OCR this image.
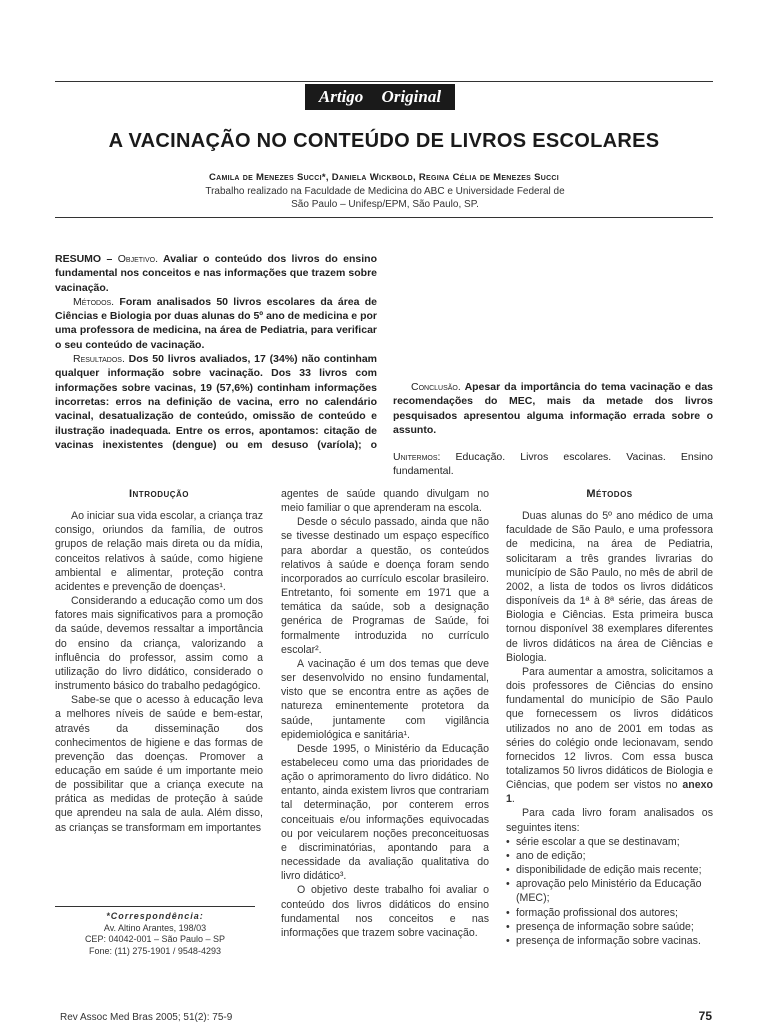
Artigo Original
A VACINAÇÃO NO CONTEÚDO DE LIVROS ESCOLARES
Camila de Menezes Succi*, Daniela Wickbold, Regina Célia de Menezes Succi
Trabalho realizado na Faculdade de Medicina do ABC e Universidade Federal de São Paulo – Unifesp/EPM, São Paulo, SP.

RESUMO – Objetivo. Avaliar o conteúdo dos livros do ensino fundamental nos conceitos e nas informações que trazem sobre vacinação.

Métodos. Foram analisados 50 livros escolares da área de Ciências e Biologia por duas alunas do 5º ano de medicina e por uma professora de medicina, na área de Pediatria, para verificar o seu conteúdo de vacinação.

Resultados. Dos 50 livros avaliados, 17 (34%) não continham qualquer informação sobre vacinação. Dos 33 livros com informações sobre vacinas, 19 (57,6%) continham informações incorretas: erros na definição de vacina, erro no calendário vacinal, desatualização de conteúdo, omissão de conteúdo e ilustração inadequada. Entre os erros, apontamos: citação de vacinas inexistentes (dengue) ou em desuso (varíola); o

Conclusão. Apesar da importância do tema vacinação e das recomendações do MEC, mais da metade dos livros pesquisados apresentou alguma informação errada sobre o assunto.

Unitermos: Educação. Livros escolares. Vacinas. Ensino fundamental.

Introdução

Ao iniciar sua vida escolar, a criança traz consigo, oriundos da família, de outros grupos de relação mais direta ou da mídia, conceitos relativos à saúde, como higiene ambiental e alimentar, proteção contra acidentes e prevenção de doenças¹.

Considerando a educação como um dos fatores mais significativos para a promoção da saúde, devemos ressaltar a importância do ensino da criança, valorizando a influência do professor, assim como a utilização do livro didático, considerado o instrumento básico do trabalho pedagógico.

Sabe-se que o acesso à educação leva a melhores níveis de saúde e bem-estar, através da disseminação dos conhecimentos de higiene e das formas de prevenção das doenças. Promover a educação em saúde é um importante meio de possibilitar que a criança execute na prática as medidas de proteção à saúde que aprendeu na sala de aula. Além disso, as crianças se transformam em importantes

agentes de saúde quando divulgam no meio familiar o que aprenderam na escola.

Desde o século passado, ainda que não se tivesse destinado um espaço específico para abordar a questão, os conteúdos relativos à saúde e doença foram sendo incorporados ao currículo escolar brasileiro. Entretanto, foi somente em 1971 que a temática da saúde, sob a designação genérica de Programas de Saúde, foi formalmente introduzida no currículo escolar².

A vacinação é um dos temas que deve ser desenvolvido no ensino fundamental, visto que se encontra entre as ações de natureza eminentemente protetora da saúde, juntamente com vigilância epidemiológica e sanitária¹.

Desde 1995, o Ministério da Educação estabeleceu como uma das prioridades de ação o aprimoramento do livro didático. No entanto, ainda existem livros que contrariam tal determinação, por conterem erros conceituais e/ou informações equivocadas ou por veicularem noções preconceituosas e discriminatórias, apontando para a necessidade da avaliação qualitativa do livro didático³.

O objetivo deste trabalho foi avaliar o conteúdo dos livros didáticos do ensino fundamental nos conceitos e nas informações que trazem sobre vacinação.

Métodos

Duas alunas do 5º ano médico de uma faculdade de São Paulo, e uma professora de medicina, na área de Pediatria, solicitaram a três grandes livrarias do município de São Paulo, no mês de abril de 2002, a lista de todos os livros didáticos disponíveis da 1ª à 8ª série, das áreas de Biologia e Ciências. Esta primeira busca tornou disponível 38 exemplares diferentes de livros didáticos na área de Ciências e Biologia.

Para aumentar a amostra, solicitamos a dois professores de Ciências do ensino fundamental do município de São Paulo que fornecessem os livros didáticos utilizados no ano de 2001 em todas as séries do colégio onde lecionavam, sendo fornecidos 12 livros. Com essa busca totalizamos 50 livros didáticos de Biologia e Ciências, que podem ser vistos no anexo 1.

Para cada livro foram analisados os seguintes itens:

• série escolar a que se destinavam;
• ano de edição;
• disponibilidade de edição mais recente;
• aprovação pelo Ministério da Educação (MEC);
• formação profissional dos autores;
• presença de informação sobre saúde;
• presença de informação sobre vacinas.
*Correspondência:
Av. Altino Arantes, 198/03
CEP: 04042-001 – São Paulo – SP
Fone: (11) 275-1901 / 9548-4293
Rev Assoc Med Bras 2005; 51(2): 75-9	75
